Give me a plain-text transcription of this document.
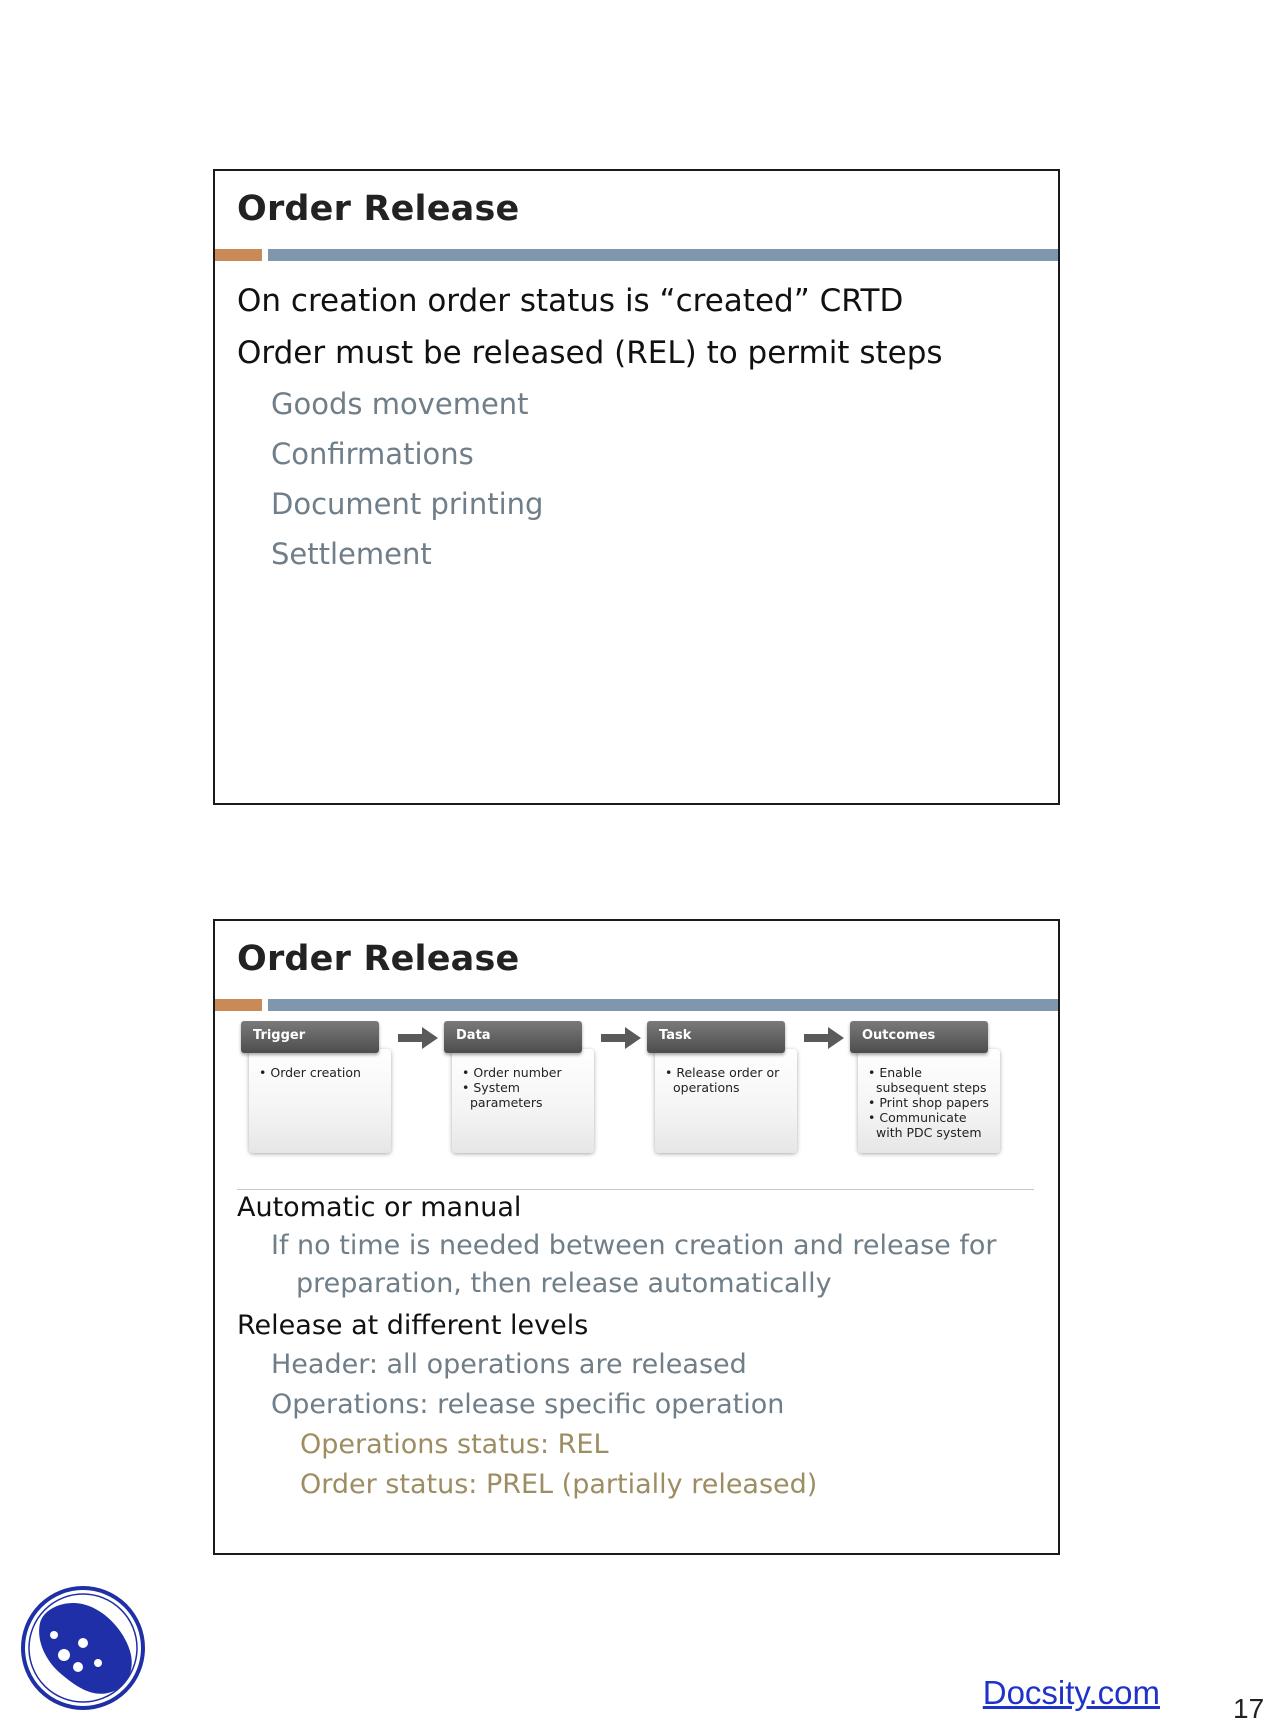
Order Release
On creation order status is “created” CRTD
Order must be released (REL) to permit steps
Goods movement
Confirmations
Document printing
Settlement
Order Release
• Order creation
Trigger
• Order number
• System parameters
Data
• Release order or operations
Task
• Enable subsequent steps
• Print shop papers
• Communicate with PDC system
Outcomes
Automatic or manual
If no time is needed between creation and release for
preparation, then release automatically
Release at different levels
Header: all operations are released
Operations: release specific operation
Operations status: REL
Order status: PREL (partially released)
Docsity.com	17
